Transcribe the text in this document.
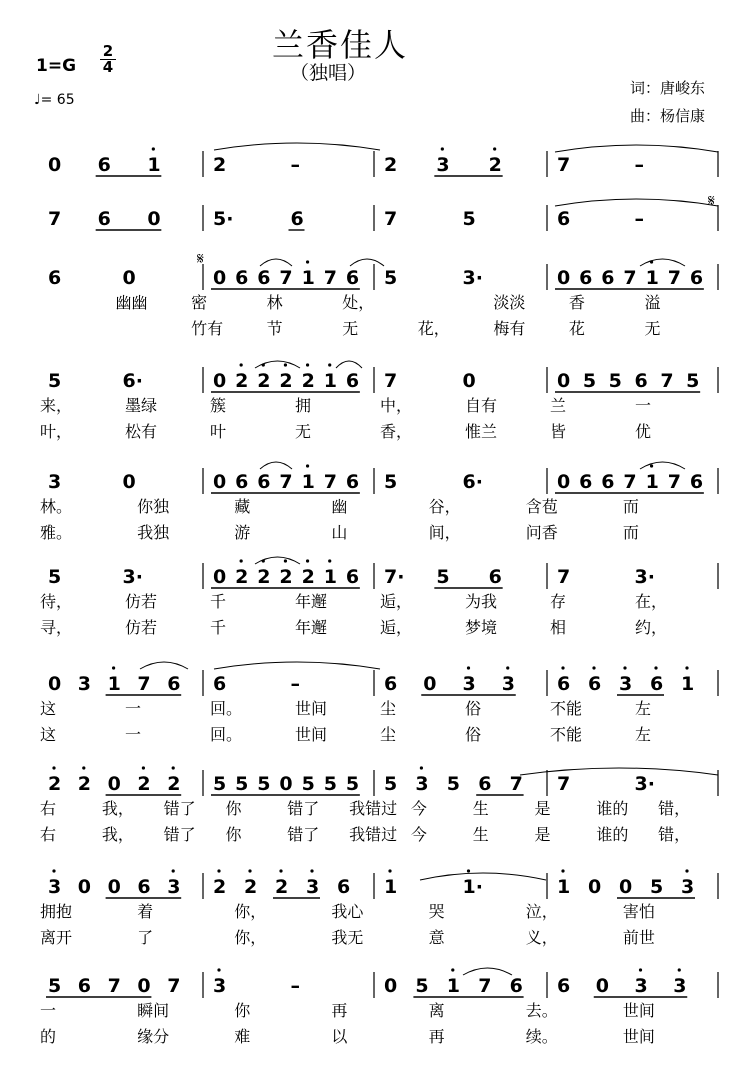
兰香佳人
（独唱）
1=G
2
4
♩= 65
词：唐峻东
曲：杨信康
0 6 1	2	–	2 3 2	7	–
7 6 0	5·	6	7	5	6	–
6	0	0 6 6 7 1 7 6 5	3·	0 6 6 7 1 7 6
幽幽	密	林	处，	淡淡	香	溢
竹有	节	无	花，	梅有	花	无
5	6·	0 2 2 2 2 1 6 7	0	0 5 5 6 7 5
来，	墨绿	簇	拥	中，	自有	兰	一
叶，	松有	叶	无	香，	惟兰	皆	优
3	0	0 6 6 7 1 7 6 5	6·	0 6 6 7 1 7 6
林。	你独	藏	幽	谷，	含苞	而
雅。	我独	游	山	间，	问香	而
5	3·	0 2 2 2 2 1 6 7· 5 6	7	3·
待，	仿若	千	年邂	逅，	为我	存	在，
寻，	仿若	千	年邂	逅，	梦境	相	约，
0 3 1 7 6 6	–	6 0 3 3 6 6 3 6 1
这	一	回。	世间	尘	俗	不能	左
这	一	回。	世间	尘	俗	不能	左
2 2 0 2 2 5 5 5 0 5 5 5 5 3 5 6 7 7	3·
右	我， 错了 你	错了 我错过 今	生	是	谁的 错，
右	我， 错了 你	错了 我错过 今	生	是	谁的 错，
3 0 0 6 3 2 2 2 3 6 1	1·	1 0 0 5 3
拥抱	着	你，	我心	哭	泣，	害怕
离开	了	你，	我无	意	义，	前世
5 6 7 0 7 3	–	0 5 1 7 6 6 0 3 3
一	瞬间	你	再	离	去。	世间
的	缘分	难	以	再	续。	世间
𝄋
𝄋
